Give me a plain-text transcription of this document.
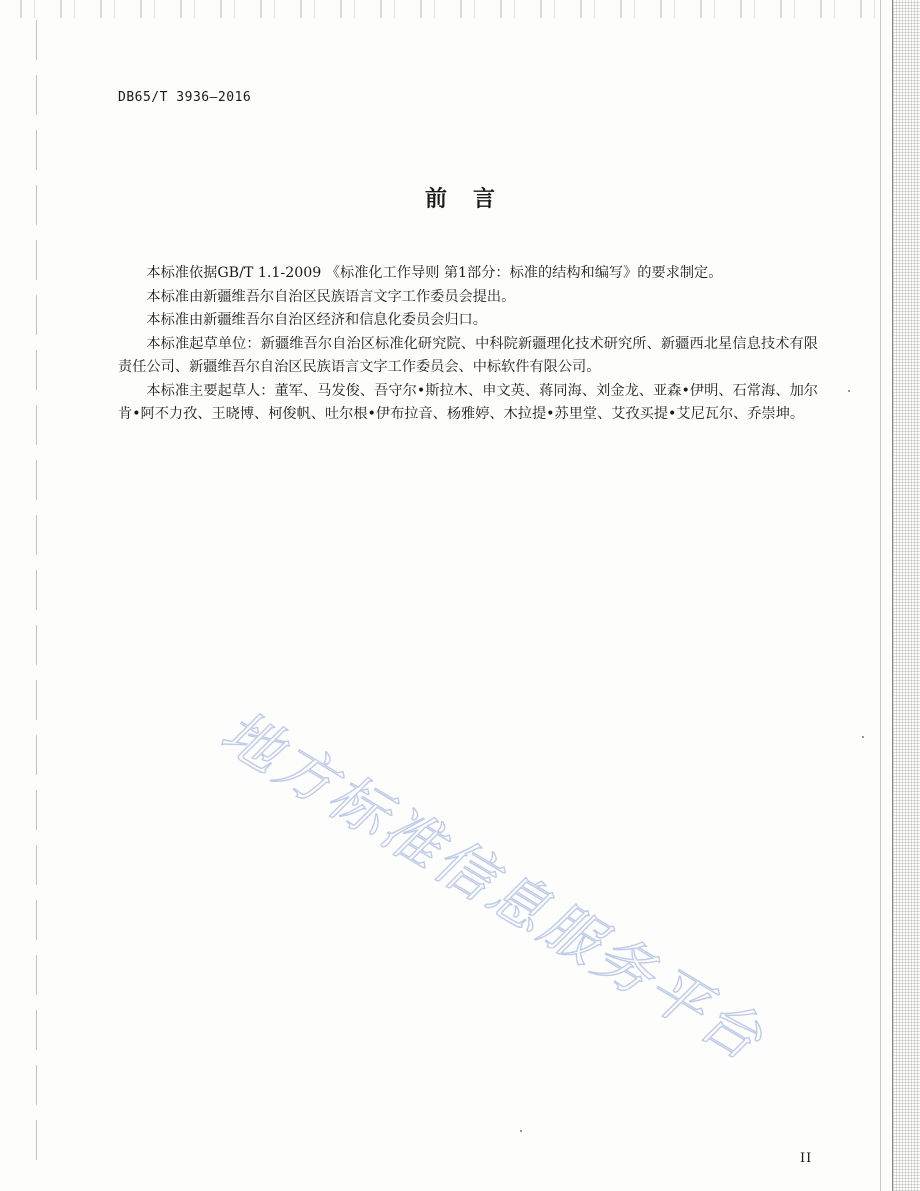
DB65/T 3936—2016
前言

本标准依据GB/T 1.1-2009 《标准化工作导则 第1部分：标准的结构和编写》的要求制定。

本标准由新疆维吾尔自治区民族语言文字工作委员会提出。

本标准由新疆维吾尔自治区经济和信息化委员会归口。

本标准起草单位：新疆维吾尔自治区标准化研究院、中科院新疆理化技术研究所、新疆西北星信息技术有限责任公司、新疆维吾尔自治区民族语言文字工作委员会、中标软件有限公司。

本标准主要起草人：董军、马发俊、吾守尔•斯拉木、申文英、蒋同海、刘金龙、亚森•伊明、石常海、加尔肯•阿不力孜、王晓博、柯俊帆、吐尔根•伊布拉音、杨雅婷、木拉提•苏里堂、艾孜买提•艾尼瓦尔、乔崇坤。

地方标准信息服务平台
II
